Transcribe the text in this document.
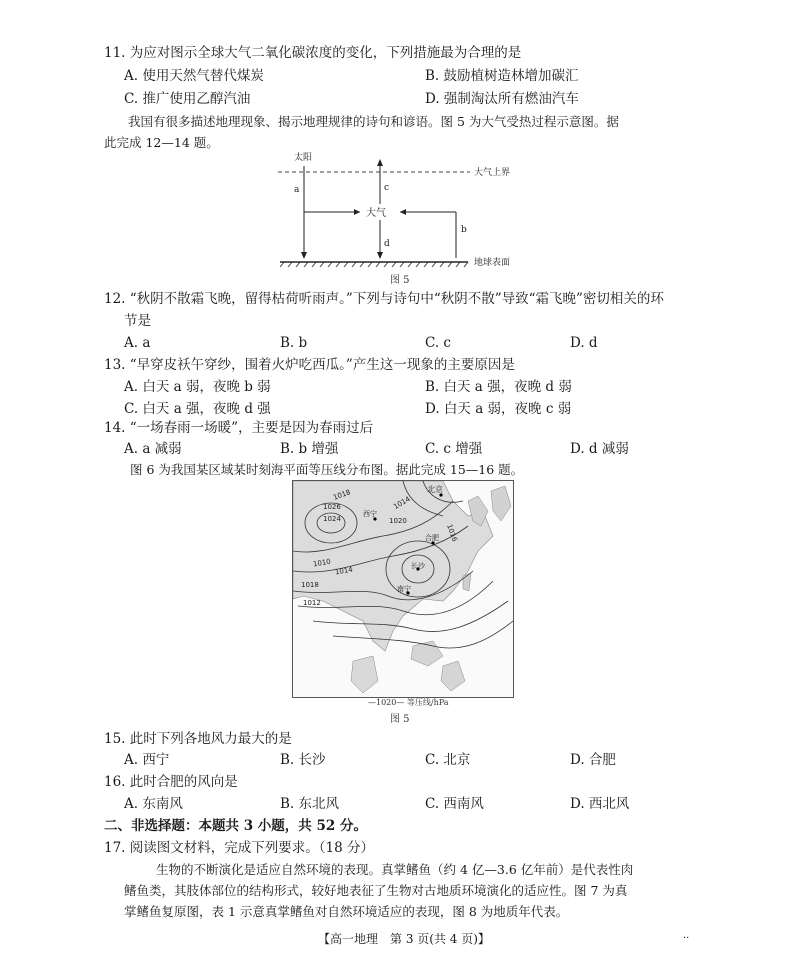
11. 为应对图示全球大气二氧化碳浓度的变化，下列措施最为合理的是
A. 使用天然气替代煤炭	B. 鼓励植树造林增加碳汇
C. 推广使用乙醇汽油	D. 强制淘汰所有燃油汽车
我国有很多描述地理现象、揭示地理规律的诗句和谚语。图 5 为大气受热过程示意图。据
此完成 12—14 题。
太阳
大气上界
大气
地球表面
a
b
c
d
图 5
12. “秋阴不散霜飞晚，留得枯荷听雨声。”下列与诗句中“秋阴不散”导致“霜飞晚”密切相关的环
节是
A. a	B. b	C. c	D. d
13. “早穿皮袄午穿纱，围着火炉吃西瓜。”产生这一现象的主要原因是
A. 白天 a 弱，夜晚 b 弱	B. 白天 a 强，夜晚 d 弱
C. 白天 a 强，夜晚 d 强	D. 白天 a 弱，夜晚 c 弱
14. “一场春雨一场暖”，主要是因为春雨过后
A. a 减弱	B. b 增强	C. c 增强	D. d 减弱
图 6 为我国某区域某时刻海平面等压线分布图。据此完成 15—16 题。
北京
西宁
合肥
长沙
南宁
1018
1014
1020
1024
1026
1016
1010
1014
1018
1012
—1020— 等压线/hPa
图 5
15. 此时下列各地风力最大的是
A. 西宁	B. 长沙	C. 北京	D. 合肥
16. 此时合肥的风向是
A. 东南风	B. 东北风	C. 西南风	D. 西北风
二、非选择题：本题共 3 小题，共 52 分。
17. 阅读图文材料，完成下列要求。（18 分）
生物的不断演化是适应自然环境的表现。真掌鳍鱼（约 4 亿—3.6 亿年前）是代表性肉
鳍鱼类，其肢体部位的结构形式，较好地表征了生物对古地质环境演化的适应性。图 7 为真
掌鳍鱼复原图，表 1 示意真掌鳍鱼对自然环境适应的表现，图 8 为地质年代表。
【高一地理　第 3 页(共 4 页)】	··
